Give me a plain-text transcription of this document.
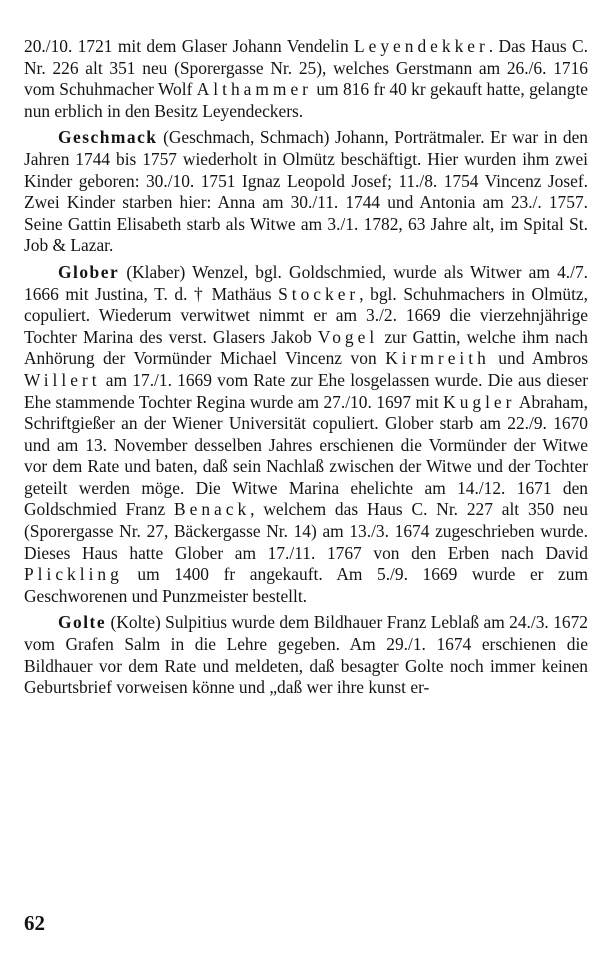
20./10. 1721 mit dem Glaser Johann Vendelin Leyendekker. Das Haus C. Nr. 226 alt 351 neu (Sporergasse Nr. 25), welches Gerstmann am 26./6. 1716 vom Schuhmacher Wolf Althammer um 816 fr 40 kr gekauft hatte, gelangte nun erblich in den Besitz Leyendeckers.

Geschmack (Geschmach, Schmach) Johann, Porträtmaler. Er war in den Jahren 1744 bis 1757 wiederholt in Olmütz beschäftigt. Hier wurden ihm zwei Kinder geboren: 30./10. 1751 Ignaz Leopold Josef; 11./8. 1754 Vincenz Josef. Zwei Kinder starben hier: Anna am 30./11. 1744 und Antonia am 23./. 1757. Seine Gattin Elisabeth starb als Witwe am 3./1. 1782, 63 Jahre alt, im Spital St. Job & Lazar.

Glober (Klaber) Wenzel, bgl. Goldschmied, wurde als Witwer am 4./7. 1666 mit Justina, T. d. † Mathäus Stocker, bgl. Schuhmachers in Olmütz, copuliert. Wiederum verwitwet nimmt er am 3./2. 1669 die vierzehnjährige Tochter Marina des verst. Glasers Jakob Vogel zur Gattin, welche ihm nach Anhörung der Vormünder Michael Vincenz von Kirmreith und Ambros Willert am 17./1. 1669 vom Rate zur Ehe losgelassen wurde. Die aus dieser Ehe stammende Tochter Regina wurde am 27./10. 1697 mit Kugler Abraham, Schriftgießer an der Wiener Universität copuliert. Glober starb am 22./9. 1670 und am 13. November desselben Jahres erschienen die Vormünder der Witwe vor dem Rate und baten, daß sein Nachlaß zwischen der Witwe und der Tochter geteilt werden möge. Die Witwe Marina ehelichte am 14./12. 1671 den Goldschmied Franz Benack, welchem das Haus C. Nr. 227 alt 350 neu (Sporergasse Nr. 27, Bäckergasse Nr. 14) am 13./3. 1674 zugeschrieben wurde. Dieses Haus hatte Glober am 17./11. 1767 von den Erben nach David Plickling um 1400 fr angekauft. Am 5./9. 1669 wurde er zum Geschworenen und Punzmeister bestellt.

Golte (Kolte) Sulpitius wurde dem Bildhauer Franz Leblaß am 24./3. 1672 vom Grafen Salm in die Lehre gegeben. Am 29./1. 1674 erschienen die Bildhauer vor dem Rate und meldeten, daß besagter Golte noch immer keinen Geburtsbrief vorweisen könne und „daß wer ihre kunst er-

62
